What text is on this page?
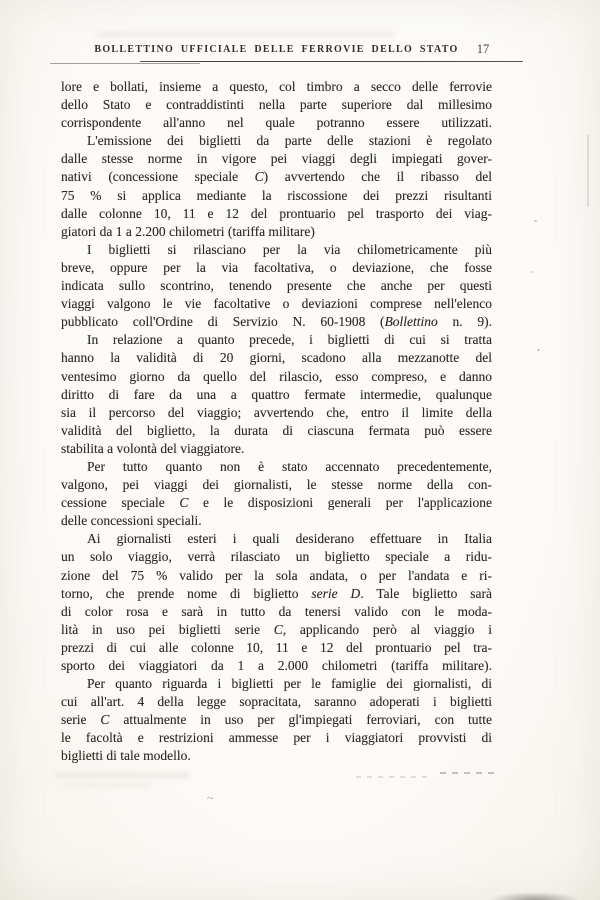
BOLLETTINO UFFICIALE DELLE FERROVIE DELLO STATO	17
lore e bollati, insieme a questo, col timbro a secco delle ferrovie
dello Stato e contraddistinti nella parte superiore dal millesimo
corrispondente all'anno nel quale potranno essere utilizzati.
L'emissione dei biglietti da parte delle stazioni è regolato
dalle stesse norme in vigore pei viaggi degli impiegati gover-
nativi (concessione speciale C) avvertendo che il ribasso del
75 % si applica mediante la riscossione dei prezzi risultanti
dalle colonne 10, 11 e 12 del prontuario pel trasporto dei viag-
giatori da 1 a 2.200 chilometri (tariffa militare)
I biglietti si rilasciano per la via chilometricamente più
breve, oppure per la via facoltativa, o deviazione, che fosse
indicata sullo scontrino, tenendo presente che anche per questi
viaggi valgono le vie facoltative o deviazioni comprese nell'elenco
pubblicato coll'Ordine di Servizio N. 60-1908 (Bollettino n. 9).
In relazione a quanto precede, i biglietti di cui si tratta
hanno la validità di 20 giorni, scadono alla mezzanotte del
ventesimo giorno da quello del rilascio, esso compreso, e danno
diritto di fare da una a quattro fermate intermedie, qualunque
sia il percorso del viaggio; avvertendo che, entro il limite della
validità del biglietto, la durata di ciascuna fermata può essere
stabilita a volontà del viaggiatore.
Per tutto quanto non è stato accennato precedentemente,
valgono, pei viaggi dei giornalisti, le stesse norme della con-
cessione speciale C e le disposizioni generali per l'applicazione
delle concessioni speciali.
Ai giornalisti esteri i quali desiderano effettuare in Italia
un solo viaggio, verrà rilasciato un biglietto speciale a ridu-
zione del 75 % valido per la sola andata, o per l'andata e ri-
torno, che prende nome di biglietto serie D. Tale biglietto sarà
di color rosa e sarà in tutto da tenersi valido con le moda-
lità in uso pei biglietti serie C, applicando però al viaggio i
prezzi di cui alle colonne 10, 11 e 12 del prontuario pel tra-
sporto dei viaggiatori da 1 a 2.000 chilometri (tariffa militare).
Per quanto riguarda i biglietti per le famiglie dei giornalisti, di
cui all'art. 4 della legge sopracitata, saranno adoperati i biglietti
serie C attualmente in uso per gl'impiegati ferroviari, con tutte
le facoltà e restrizioni ammesse per i viaggiatori provvisti di
biglietti di tale modello.
~
